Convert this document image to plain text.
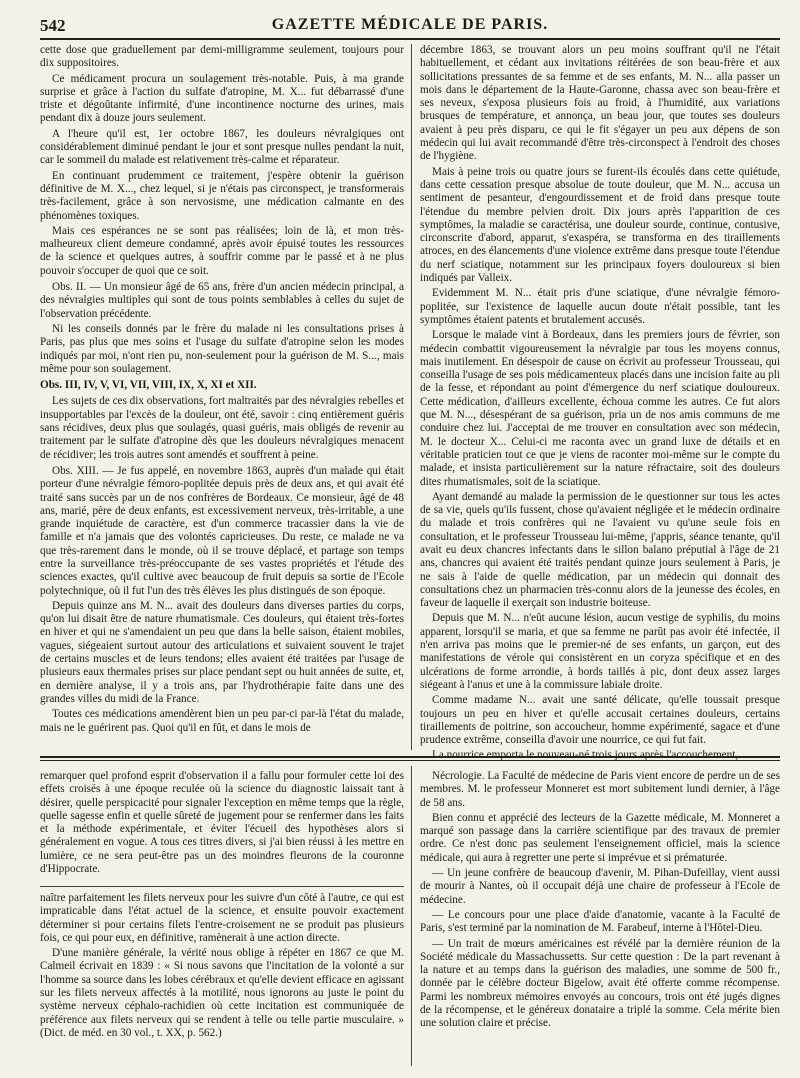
542	GAZETTE MÉDICALE DE PARIS.

cette dose que graduellement par demi-milligramme seulement, toujours pour dix suppositoires.

Ce médicament procura un soulagement très-notable. Puis, à ma grande surprise et grâce à l'action du sulfate d'atropine, M. X... fut débarrassé d'une triste et dégoûtante infirmité, d'une incontinence nocturne des urines, mais pendant dix à douze jours seulement.

A l'heure qu'il est, 1er octobre 1867, les douleurs névralgiques ont considérablement diminué pendant le jour et sont presque nulles pendant la nuit, car le sommeil du malade est relativement très-calme et réparateur.

En continuant prudemment ce traitement, j'espère obtenir la guérison définitive de M. X..., chez lequel, si je n'étais pas circonspect, je transformerais très-facilement, grâce à son nervosisme, une médication calmante en des phénomènes toxiques.

Mais ces espérances ne se sont pas réalisées; loin de là, et mon très-malheureux client demeure condamné, après avoir épuisé toutes les ressources de la science et quelques autres, à souffrir comme par le passé et à ne plus pouvoir s'occuper de quoi que ce soit.

Obs. II. — Un monsieur âgé de 65 ans, frère d'un ancien médecin principal, a des névralgies multiples qui sont de tous points semblables à celles du sujet de l'observation précédente.

Ni les conseils donnés par le frère du malade ni les consultations prises à Paris, pas plus que mes soins et l'usage du sulfate d'atropine selon les modes indiqués par moi, n'ont rien pu, non-seulement pour la guérison de M. S..., mais même pour son soulagement.

Obs. III, IV, V, VI, VII, VIII, IX, X, XI et XII.

Les sujets de ces dix observations, fort maltraités par des névralgies rebelles et insupportables par l'excès de la douleur, ont été, savoir : cinq entièrement guéris sans récidives, deux plus que soulagés, quasi guéris, mais obligés de revenir au traitement par le sulfate d'atropine dès que les douleurs névralgiques menacent de récidiver; les trois autres sont amendés et souffrent à peine.

Obs. XIII. — Je fus appelé, en novembre 1863, auprès d'un malade qui était porteur d'une névralgie fémoro-poplitée depuis près de deux ans, et qui avait été traité sans succès par un de nos confrères de Bordeaux. Ce monsieur, âgé de 48 ans, marié, père de deux enfants, est excessivement nerveux, très-irritable, a une grande inquiétude de caractère, est d'un commerce tracassier dans la vie de famille et n'a jamais que des volontés capricieuses. Du reste, ce malade ne va que très-rarement dans le monde, où il se trouve déplacé, et partage son temps entre la surveillance très-préoccupante de ses vastes propriétés et l'étude des sciences exactes, qu'il cultive avec beaucoup de fruit depuis sa sortie de l'Ecole polytechnique, où il fut l'un des très élèves les plus distingués de son époque.

Depuis quinze ans M. N... avait des douleurs dans diverses parties du corps, qu'on lui disait être de nature rhumatismale. Ces douleurs, qui étaient très-fortes en hiver et qui ne s'amendaient un peu que dans la belle saison, étaient mobiles, vagues, siégeaient surtout autour des articulations et suivaient souvent le trajet de certains muscles et de leurs tendons; elles avaient été traitées par l'usage de plusieurs eaux thermales prises sur place pendant sept ou huit années de suite, et, en dernière analyse, il y a trois ans, par l'hydrothérapie faite dans une des grandes villes du midi de la France.

Toutes ces médications amendèrent bien un peu par-ci par-là l'état du malade, mais ne le guérirent pas. Quoi qu'il en fût, et dans le mois de

décembre 1863, se trouvant alors un peu moins souffrant qu'il ne l'était habituellement, et cédant aux invitations réitérées de son beau-frère et aux sollicitations pressantes de sa femme et de ses enfants, M. N... alla passer un mois dans le département de la Haute-Garonne, chassa avec son beau-frère et ses neveux, s'exposa plusieurs fois au froid, à l'humidité, aux variations brusques de température, et annonça, un beau jour, que toutes ses douleurs avaient à peu près disparu, ce qui le fit s'égayer un peu aux dépens de son médecin qui lui avait recommandé d'être très-circonspect à l'endroit des choses de l'hygiène.

Mais à peine trois ou quatre jours se furent-ils écoulés dans cette quiétude, dans cette cessation presque absolue de toute douleur, que M. N... accusa un sentiment de pesanteur, d'engourdissement et de froid dans presque toute l'étendue du membre pelvien droit. Dix jours après l'apparition de ces symptômes, la maladie se caractérisa, une douleur sourde, continue, contusive, circonscrite d'abord, apparut, s'exaspéra, se transforma en des tiraillements atroces, en des élancements d'une violence extrême dans presque toute l'étendue du nerf sciatique, notamment sur les principaux foyers douloureux si bien indiqués par Valleix.

Evidemment M. N... était pris d'une sciatique, d'une névralgie fémoro-poplitée, sur l'existence de laquelle aucun doute n'était possible, tant les symptômes étaient patents et brutalement accusés.

Lorsque le malade vint à Bordeaux, dans les premiers jours de février, son médecin combattit vigoureusement la névralgie par tous les moyens connus, mais inutilement. En désespoir de cause on écrivit au professeur Trousseau, qui conseilla l'usage de ses pois médicamenteux placés dans une incision faite au pli de la fesse, et répondant au point d'émergence du nerf sciatique douloureux. Cette médication, d'ailleurs excellente, échoua comme les autres. Ce fut alors que M. N..., désespérant de sa guérison, pria un de nos amis communs de me conduire chez lui. J'acceptai de me trouver en consultation avec son médecin, M. le docteur X... Celui-ci me raconta avec un grand luxe de détails et en véritable praticien tout ce que je viens de raconter moi-même sur le compte du malade, et insista particulièrement sur la nature réfractaire, soit des douleurs dites rhumatismales, soit de la sciatique.

Ayant demandé au malade la permission de le questionner sur tous les actes de sa vie, quels qu'ils fussent, chose qu'avaient négligée et le médecin ordinaire du malade et trois confrères qui ne l'avaient vu qu'une seule fois en consultation, et le professeur Trousseau lui-même, j'appris, séance tenante, qu'il avait eu deux chancres infectants dans le sillon balano préputial à l'âge de 21 ans, chancres qui avaient été traités pendant quinze jours seulement à Paris, je ne sais à l'aide de quelle médication, par un médecin qui donnait des consultations chez un pharmacien très-connu alors de la jeunesse des écoles, en faveur de laquelle il exerçait son industrie boiteuse.

Depuis que M. N... n'eût aucune lésion, aucun vestige de syphilis, du moins apparent, lorsqu'il se maria, et que sa femme ne parût pas avoir été infectée, il n'en arriva pas moins que le premier-né de ses enfants, un garçon, eut des manifestations de vérole qui consistèrent en un coryza spécifique et en des ulcérations de forme arrondie, à bords taillés à pic, dont deux assez larges siégeant à l'anus et une à la commissure labiale droite.

Comme madame N... avait une santé délicate, qu'elle toussait presque toujours un peu en hiver et qu'elle accusait certaines douleurs, certains tiraillements de poitrine, son accoucheur, homme expérimenté, sagace et d'une prudence extrême, conseilla d'avoir une nourrice, ce qui fut fait.

remarquer quel profond esprit d'observation il a fallu pour formuler cette loi des effets croisés à une époque reculée où la science du diagnostic laissait tant à désirer, quelle perspicacité pour signaler l'exception en même temps que la règle, quelle sagesse enfin et quelle sûreté de jugement pour se renfermer dans les faits et la méthode expérimentale, et éviter l'écueil des hypothèses alors si généralement en vogue. A tous ces titres divers, si j'ai bien réussi à les mettre en lumière, ce ne sera peut-être pas un des moindres fleurons de la couronne d'Hippocrate.

naître parfaitement les filets nerveux pour les suivre d'un côté à l'autre, ce qui est impraticable dans l'état actuel de la science, et ensuite pouvoir exactement déterminer si pour certains filets l'entre-croisement ne se produit pas plusieurs fois, ce qui pour eux, en définitive, ramènerait à une action directe.

D'une manière générale, la vérité nous oblige à répéter en 1867 ce que M. Calmeil écrivait en 1839 : « Si nous savons que l'incitation de la volonté a sur l'homme sa source dans les lobes cérébraux et qu'elle devient efficace en agissant sur les filets nerveux affectés à la motilité, nous ignorons au juste le point du système nerveux céphalo-rachidien où cette incitation est communiquée de préférence aux filets nerveux qui se rendent à telle ou telle partie musculaire. » (Dict. de méd. en 30 vol., t. XX, p. 562.)

Nécrologie. La Faculté de médecine de Paris vient encore de perdre un de ses membres. M. le professeur Monneret est mort subitement lundi dernier, à l'âge de 58 ans.

Bien connu et apprécié des lecteurs de la Gazette médicale, M. Monneret a marqué son passage dans la carrière scientifique par des travaux de premier ordre. Ce n'est donc pas seulement l'enseignement officiel, mais la science médicale, qui aura à regretter une perte si imprévue et si prématurée.

— Un jeune confrère de beaucoup d'avenir, M. Pihan-Dufeillay, vient aussi de mourir à Nantes, où il occupait déjà une chaire de professeur à l'Ecole de médecine.

— Le concours pour une place d'aide d'anatomie, vacante à la Faculté de Paris, s'est terminé par la nomination de M. Farabeuf, interne à l'Hôtel-Dieu.

— Un trait de mœurs américaines est révélé par la dernière réunion de la Société médicale du Massachussetts. Sur cette question : De la part revenant à la nature et au temps dans la guérison des maladies, une somme de 500 fr., donnée par le célèbre docteur Bigelow, avait été offerte comme récompense. Parmi les nombreux mémoires envoyés au concours, trois ont été jugés dignes de la récompense, et le généreux donataire a triplé la somme. Cela mérite bien une solution claire et précise.
